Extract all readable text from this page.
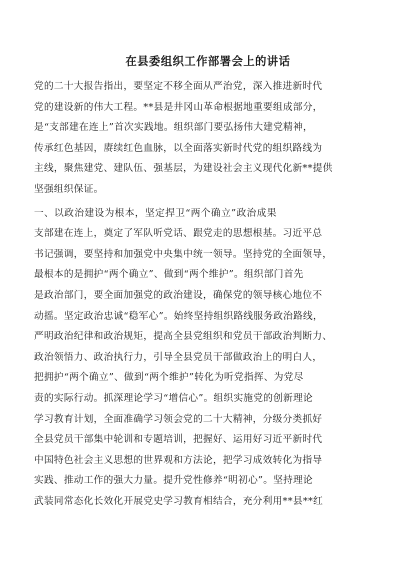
在县委组织工作部署会上的讲话
党的二十大报告指出，要坚定不移全面从严治党，深入推进新时代
党的建设新的伟大工程。**县是井冈山革命根据地重要组成部分，
是“支部建在连上”首次实践地。组织部门要弘扬伟大建党精神，
传承红色基因，赓续红色血脉，以全面落实新时代党的组织路线为
主线，聚焦建党、建队伍、强基层，为建设社会主义现代化新**提供
坚强组织保证。
一、以政治建设为根本，坚定捍卫“两个确立”政治成果
支部建在连上，奠定了军队听党话、跟党走的思想根基。习近平总
书记强调，要坚持和加强党中央集中统一领导。坚持党的全面领导，
最根本的是拥护“两个确立”、做到“两个维护”。组织部门首先
是政治部门，要全面加强党的政治建设，确保党的领导核心地位不
动摇。坚定政治忠诚“稳军心”。始终坚持组织路线服务政治路线，
严明政治纪律和政治规矩，提高全县党组织和党员干部政治判断力、
政治领悟力、政治执行力，引导全县党员干部做政治上的明白人，
把拥护“两个确立”、做到“两个维护”转化为听党指挥、为党尽
责的实际行动。抓深理论学习“增信心”。组织实施党的创新理论
学习教育计划，全面准确学习领会党的二十大精神，分级分类抓好
全县党员干部集中轮训和专题培训，把握好、运用好习近平新时代
中国特色社会主义思想的世界观和方法论，把学习成效转化为指导
实践、推动工作的强大力量。提升党性修养“明初心”。坚持理论
武装同常态化长效化开展党史学习教育相结合，充分利用**县**红
